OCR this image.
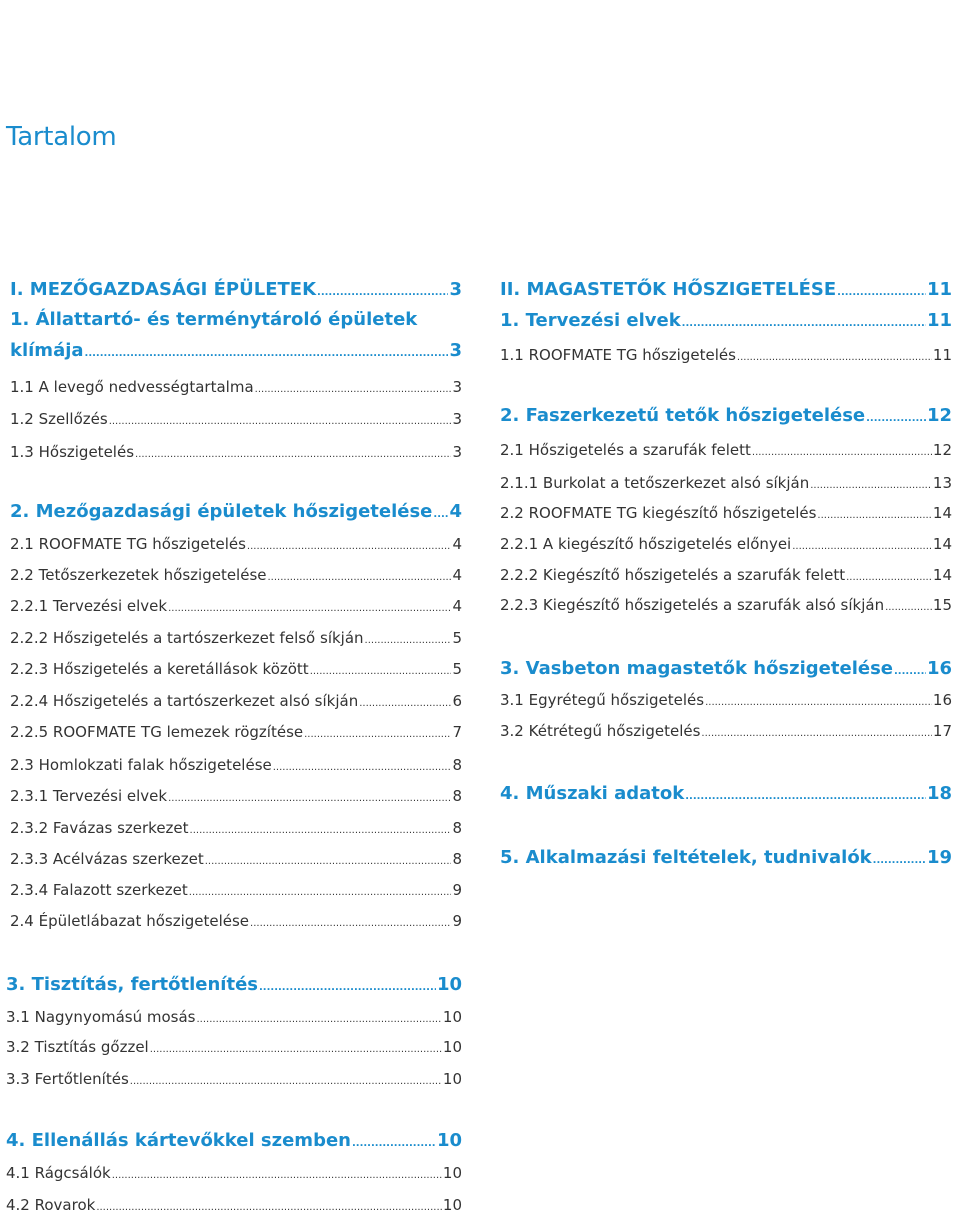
Tartalom
I. MEZŐGAZDASÁGI ÉPÜLETEK .....	3
1. Állattartó- és terménytároló épületek
klímája .....	3
1.1 A levegő nedvességtartalma .....	3
1.2 Szellőzés .....	3
1.3 Hőszigetelés .....	3
2. Mezőgazdasági épületek hőszigetelése ..... 4
2.1 ROOFMATE TG hőszigetelés .....	4
2.2 Tetőszerkezetek hőszigetelése .....	4
2.2.1 Tervezési elvek .....	4
2.2.2 Hőszigetelés a tartószerkezet felső síkján .....	5
2.2.3 Hőszigetelés a keretállások között .....	5
2.2.4 Hőszigetelés a tartószerkezet alsó síkján .....	6
2.2.5 ROOFMATE TG lemezek rögzítése .....	7
2.3 Homlokzati falak hőszigetelése .....	8
2.3.1 Tervezési elvek .....	8
2.3.2 Favázas szerkezet .....	8
2.3.3 Acélvázas szerkezet .....	8
2.3.4 Falazott szerkezet .....	9
2.4 Épületlábazat hőszigetelése .....	9
3. Tisztítás, fertőtlenítés .....	10
3.1 Nagynyomású mosás .....	10
3.2 Tisztítás gőzzel .....	10
3.3 Fertőtlenítés .....	10
4. Ellenállás kártevőkkel szemben .....	10
4.1 Rágcsálók .....	10
4.2 Rovarok .....	10
II. MAGASTETŐK HŐSZIGETELÉSE .....	11
1. Tervezési elvek .....	11
1.1 ROOFMATE TG hőszigetelés .....	11
2. Faszerkezetű tetők hőszigetelése .....	12
2.1 Hőszigetelés a szarufák felett .....	12
2.1.1 Burkolat a tetőszerkezet alsó síkján .....	13
2.2 ROOFMATE TG kiegészítő hőszigetelés .....	14
2.2.1 A kiegészítő hőszigetelés előnyei .....	14
2.2.2 Kiegészítő hőszigetelés a szarufák felett .....	14
2.2.3 Kiegészítő hőszigetelés a szarufák alsó síkján .....	15
3. Vasbeton magastetők hőszigetelése ..... 16
3.1 Egyrétegű hőszigetelés .....	16
3.2 Kétrétegű hőszigetelés .....	17
4. Műszaki adatok .....	18
5. Alkalmazási feltételek, tudnivalók .....	19
